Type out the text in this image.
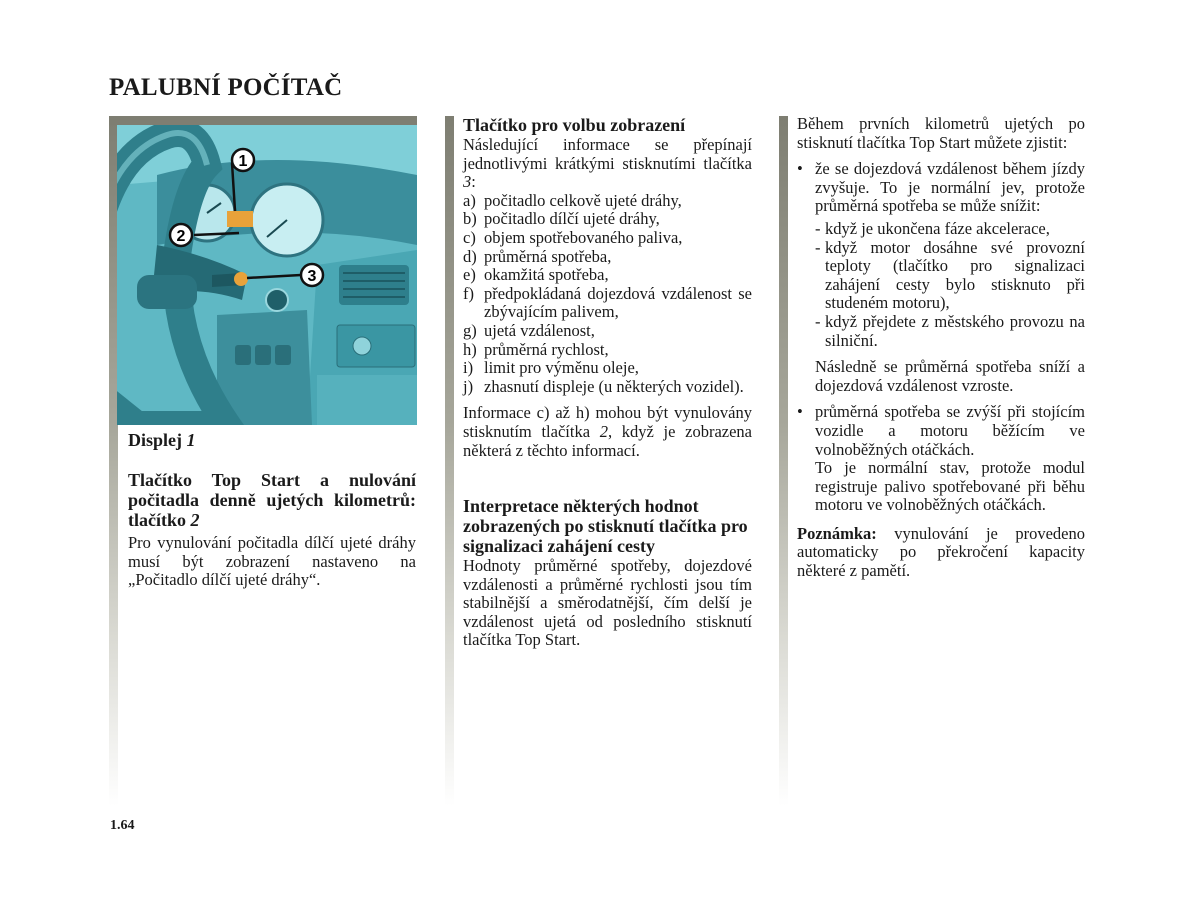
PALUBNÍ POČÍTAČ
1
2
3

Displej 1

Tlačítko Top Start a nulování počitadla denně ujetých kilometrů: tlačítko 2

Pro vynulování počitadla dílčí ujeté dráhy musí být zobrazení nastaveno na „Počitadlo dílčí ujeté dráhy“.

Tlačítko pro volbu zobrazení

Následující informace se přepínají jednotlivými krátkými stisknutími tlačítka 3:

a) počitadlo celkově ujeté dráhy,
b) počitadlo dílčí ujeté dráhy,
c) objem spotřebovaného paliva,
d) průměrná spotřeba,
e) okamžitá spotřeba,
f) předpokládaná dojezdová vzdálenost se zbývajícím palivem,
g) ujetá vzdálenost,
h) průměrná rychlost,
i) limit pro výměnu oleje,
j) zhasnutí displeje (u některých vozidel).

Informace c) až h) mohou být vynulovány stisknutím tlačítka 2, když je zobrazena některá z těchto informací.

Interpretace některých hodnot zobrazených po stisknutí tlačítka pro signalizaci zahájení cesty

Hodnoty průměrné spotřeby, dojezdové vzdálenosti a průměrné rychlosti jsou tím stabilnější a směrodatnější, čím delší je vzdálenost ujetá od posledního stisknutí tlačítka Top Start.

Během prvních kilometrů ujetých po stisknutí tlačítka Top Start můžete zjistit:

• že se dojezdová vzdálenost během jízdy zvyšuje. To je normální jev, protože průměrná spotřeba se může snížit:
- když je ukončena fáze akcelerace,
- když motor dosáhne své provozní teploty (tlačítko pro signalizaci zahájení cesty bylo stisknuto při studeném motoru),
- když přejdete z městského provozu na silniční.

Následně se průměrná spotřeba sníží a dojezdová vzdálenost vzroste.

• průměrná spotřeba se zvýší při stojícím vozidle a motoru běžícím ve volnoběžných otáčkách.

To je normální stav, protože modul registruje palivo spotřebované při běhu motoru ve volnoběžných otáčkách.

Poznámka: vynulování je provedeno automaticky po překročení kapacity některé z pamětí.

1.64
